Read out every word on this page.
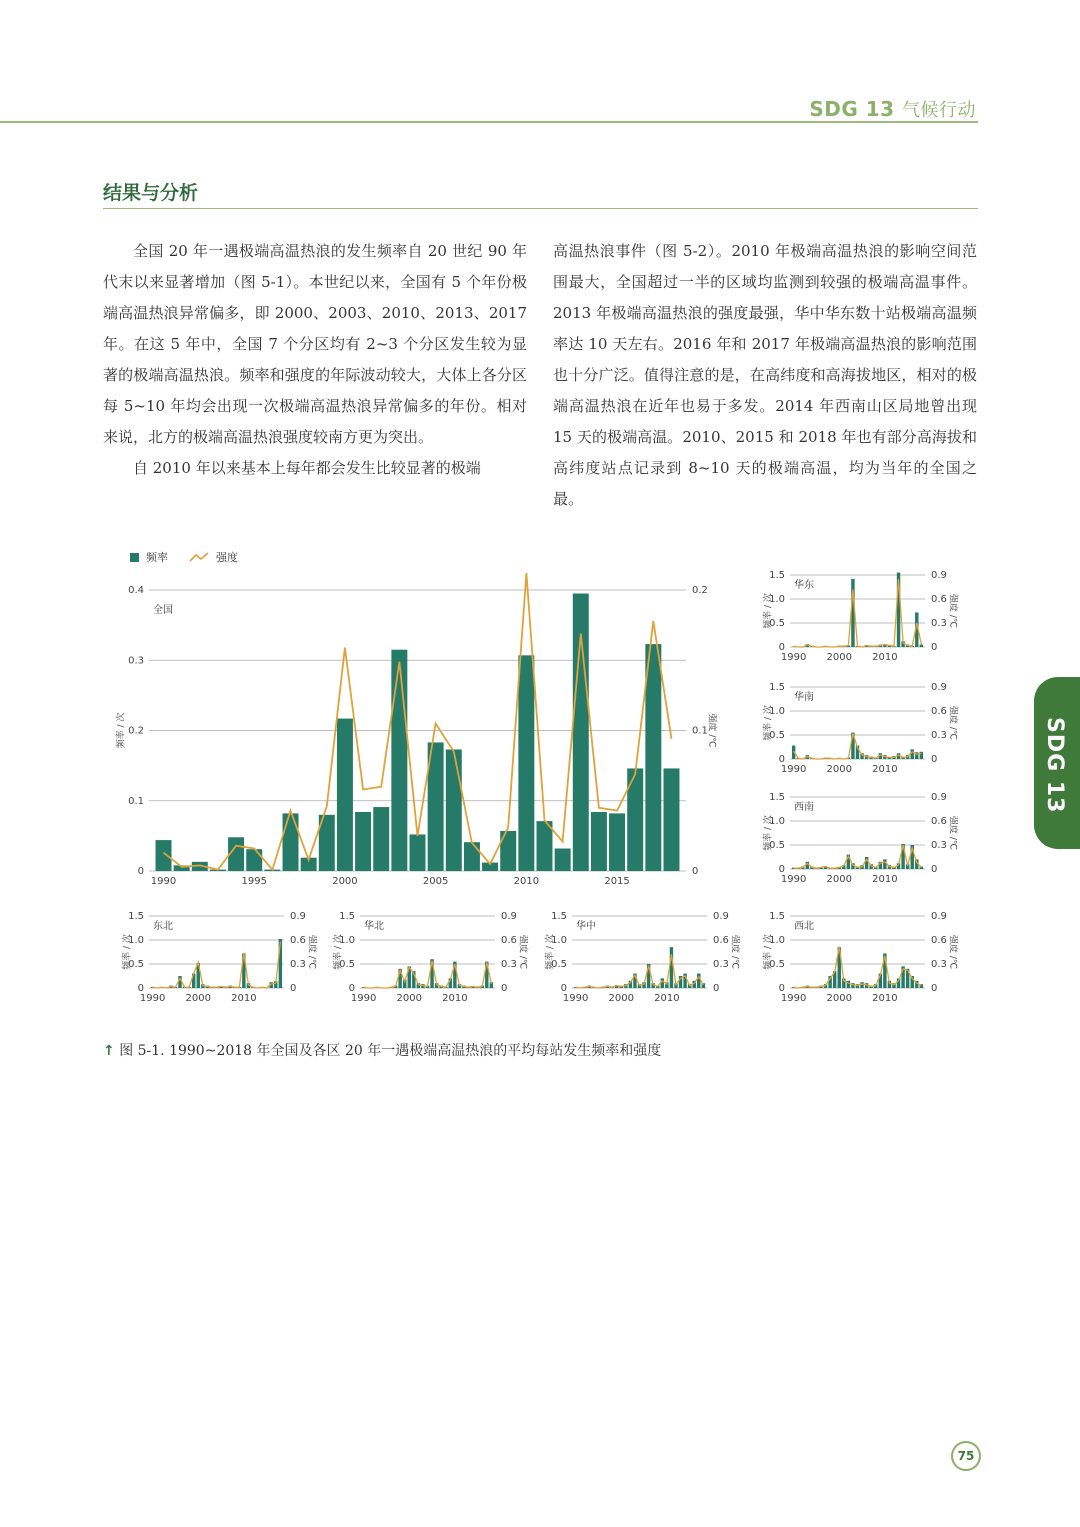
SDG 13 气候行动
结果与分析

全国 20 年一遇极端高温热浪的发生频率自 20 世纪 90 年代末以来显著增加（图 5-1）。本世纪以来，全国有 5 个年份极端高温热浪异常偏多，即 2000、2003、2010、2013、2017 年。在这 5 年中，全国 7 个分区均有 2~3 个分区发生较为显著的极端高温热浪。频率和强度的年际波动较大，大体上各分区每 5~10 年均会出现一次极端高温热浪异常偏多的年份。相对来说，北方的极端高温热浪强度较南方更为突出。

自 2010 年以来基本上每年都会发生比较显著的极端

高温热浪事件（图 5-2）。2010 年极端高温热浪的影响空间范围最大，全国超过一半的区域均监测到较强的极端高温事件。2013 年极端高温热浪的强度最强，华中华东数十站极端高温频率达 10 天左右。2016 年和 2017 年极端高温热浪的影响范围也十分广泛。值得注意的是，在高纬度和高海拔地区，相对的极端高温热浪在近年也易于多发。2014 年西南山区局地曾出现 15 天的极端高温。2010、2015 和 2018 年也有部分高海拔和高纬度站点记录到 8~10 天的极端高温，均为当年的全国之最。

0
0.1
0.2
0.3
0.4
0
0.1
0.2
1990	1995	2000	2005	2010	2015
全国
频率 / 次	强度 /℃
频率	强度
0
0.5
1.0
1.5
0
0.3
0.6
0.9
1990 2000 2010
华东
频率 / 次	强度 /℃
0
0.5
1.0
1.5
0
0.3
0.6
0.9
1990 2000 2010
华南
频率 / 次	强度 /℃
0
0.5
1.0
1.5
0
0.3
0.6
0.9
1990 2000 2010
西南
频率 / 次	强度 /℃
0
0.5
1.0
1.5
0
0.3
0.6
0.9
1990 2000 2010
东北
频率 / 次	强度 /℃
0
0.5
1.0
1.5
0
0.3
0.6
0.9
1990 2000 2010
华北
频率 / 次	强度 /℃
0
0.5
1.0
1.5
0
0.3
0.6
0.9
1990 2000 2010
华中
频率 / 次	强度 /℃
0
0.5
1.0
1.5
0
0.3
0.6
0.9
1990 2000 2010
西北
频率 / 次	强度 /℃
↑ 图 5-1. 1990~2018 年全国及各区 20 年一遇极端高温热浪的平均每站发生频率和强度
SDG 13
75
